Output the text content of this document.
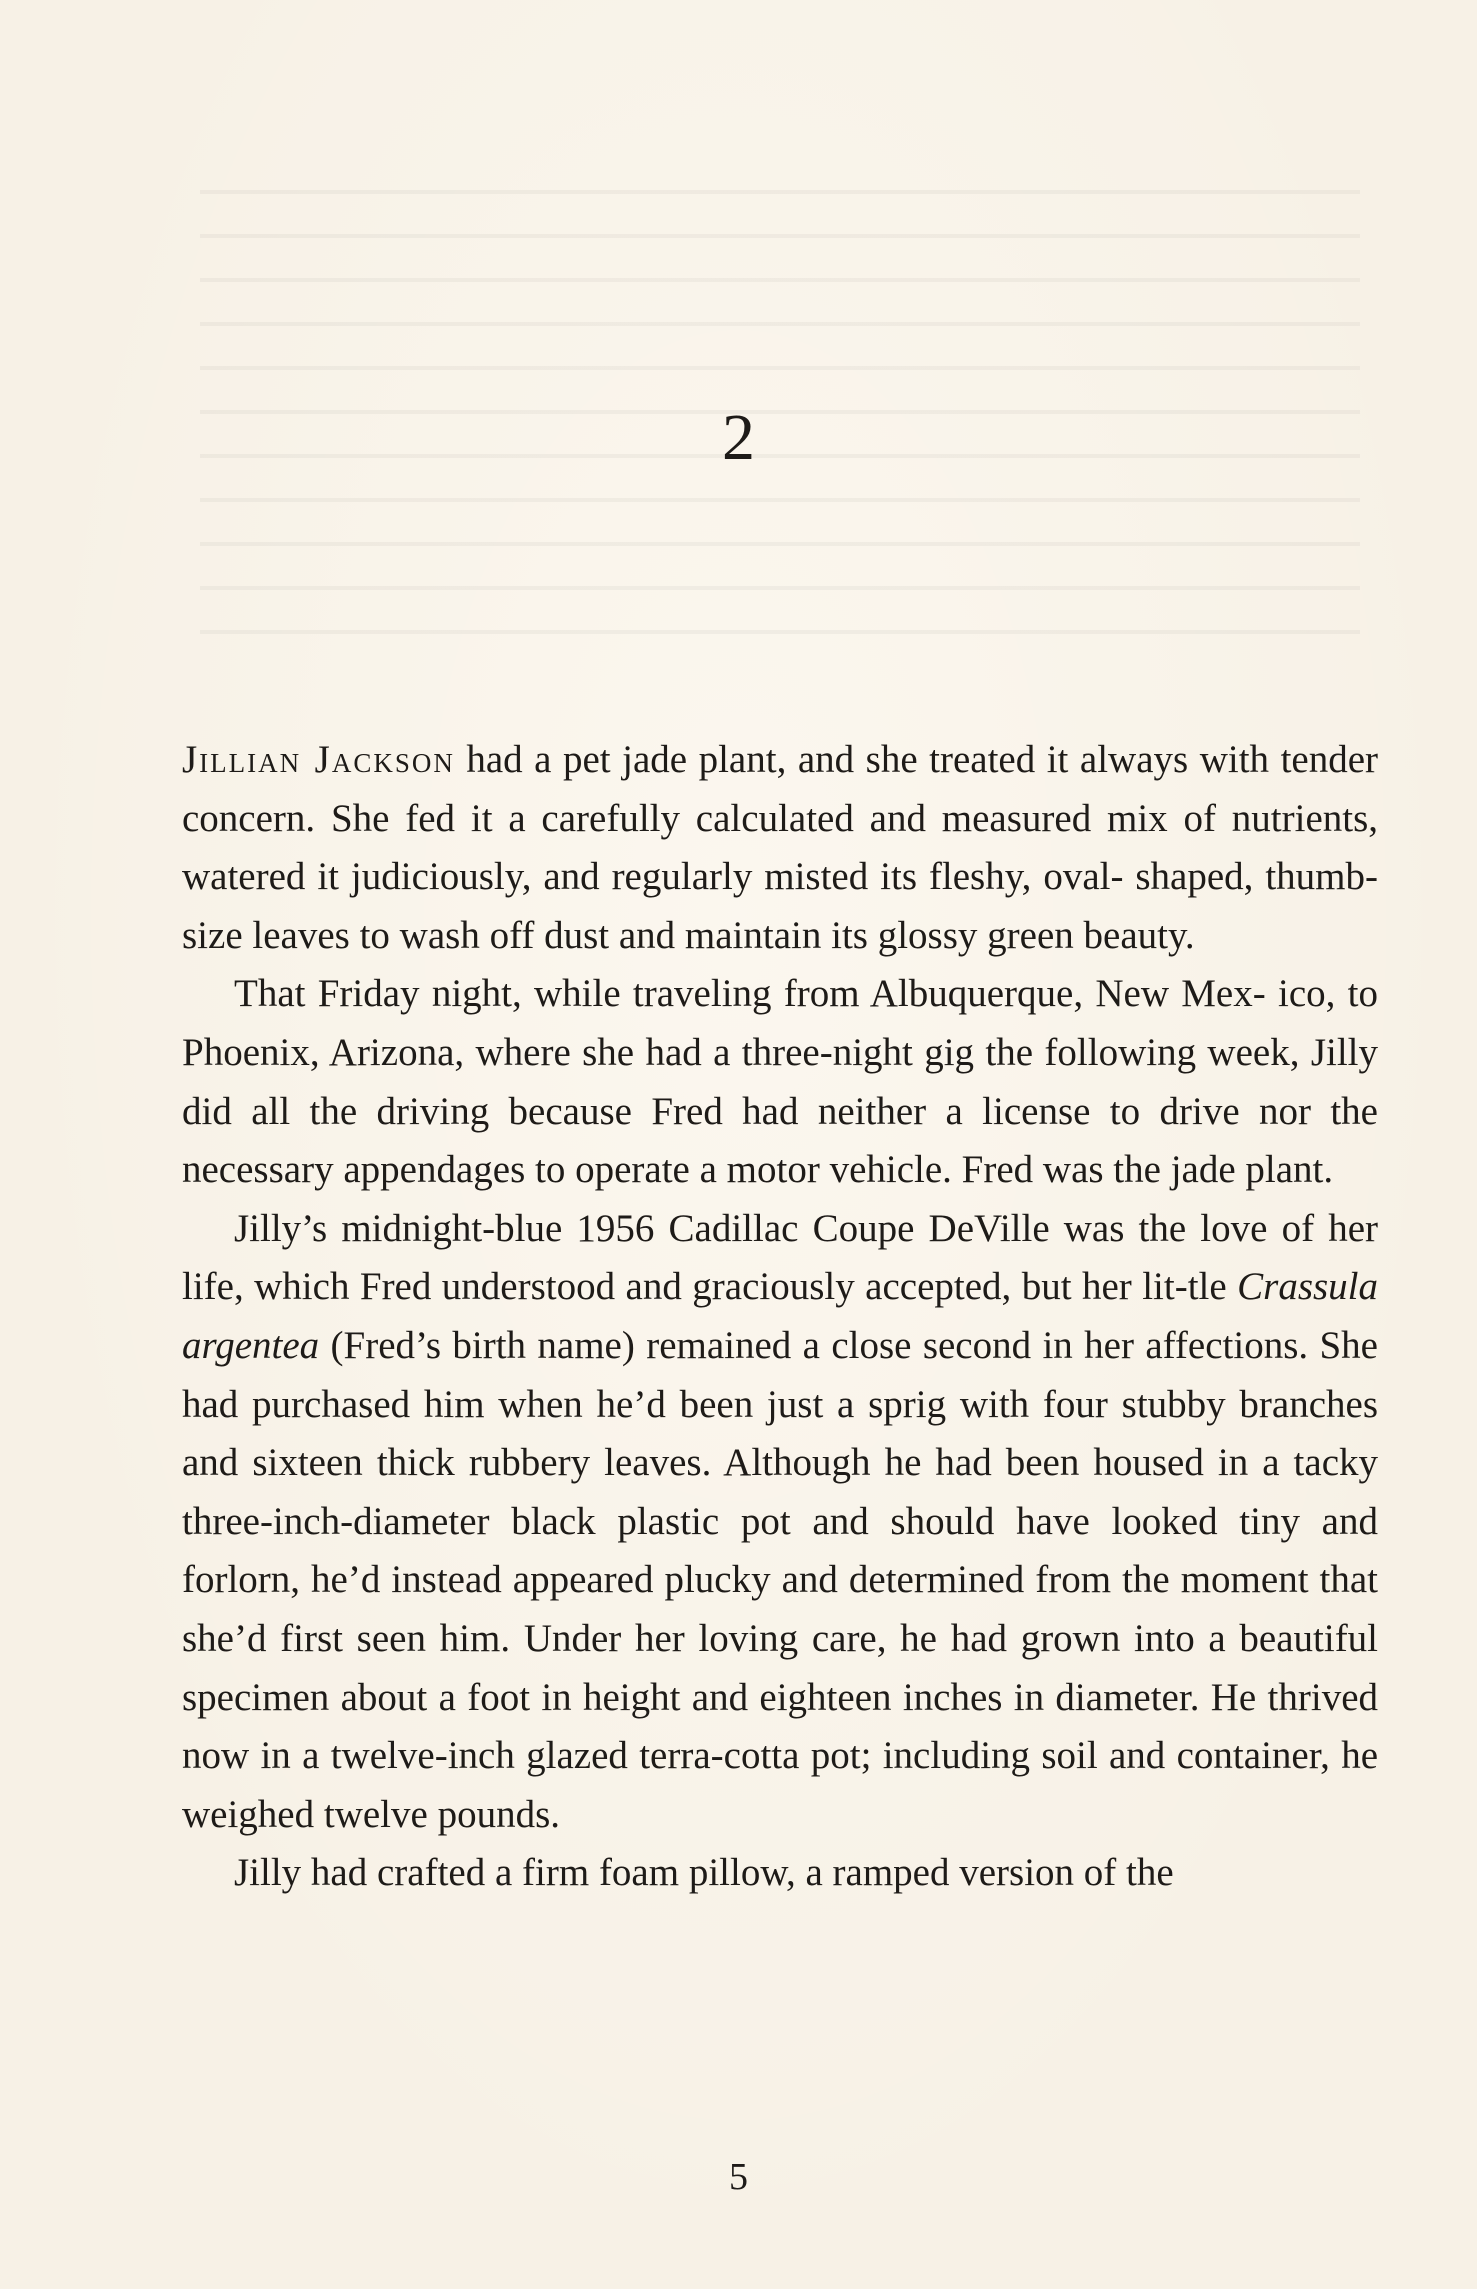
2

Jillian Jackson had a pet jade plant, and she treated it always with tender concern. She fed it a carefully calculated and measured mix of nutrients, watered it judiciously, and regularly misted its fleshy, oval- shaped, thumb-size leaves to wash off dust and maintain its glossy green beauty.

That Friday night, while traveling from Albuquerque, New Mex- ico, to Phoenix, Arizona, where she had a three-night gig the following week, Jilly did all the driving because Fred had neither a license to drive nor the necessary appendages to operate a motor vehicle. Fred was the jade plant.

Jilly’s midnight-blue 1956 Cadillac Coupe DeVille was the love of her life, which Fred understood and graciously accepted, but her lit-tle Crassula argentea (Fred’s birth name) remained a close second in her affections. She had purchased him when he’d been just a sprig with four stubby branches and sixteen thick rubbery leaves. Although he had been housed in a tacky three-inch-diameter black plastic pot and should have looked tiny and forlorn, he’d instead appeared plucky and determined from the moment that she’d first seen him. Under her loving care, he had grown into a beautiful specimen about a foot in height and eighteen inches in diameter. He thrived now in a twelve-inch glazed terra-cotta pot; including soil and container, he weighed twelve pounds.

Jilly had crafted a firm foam pillow, a ramped version of the

5
